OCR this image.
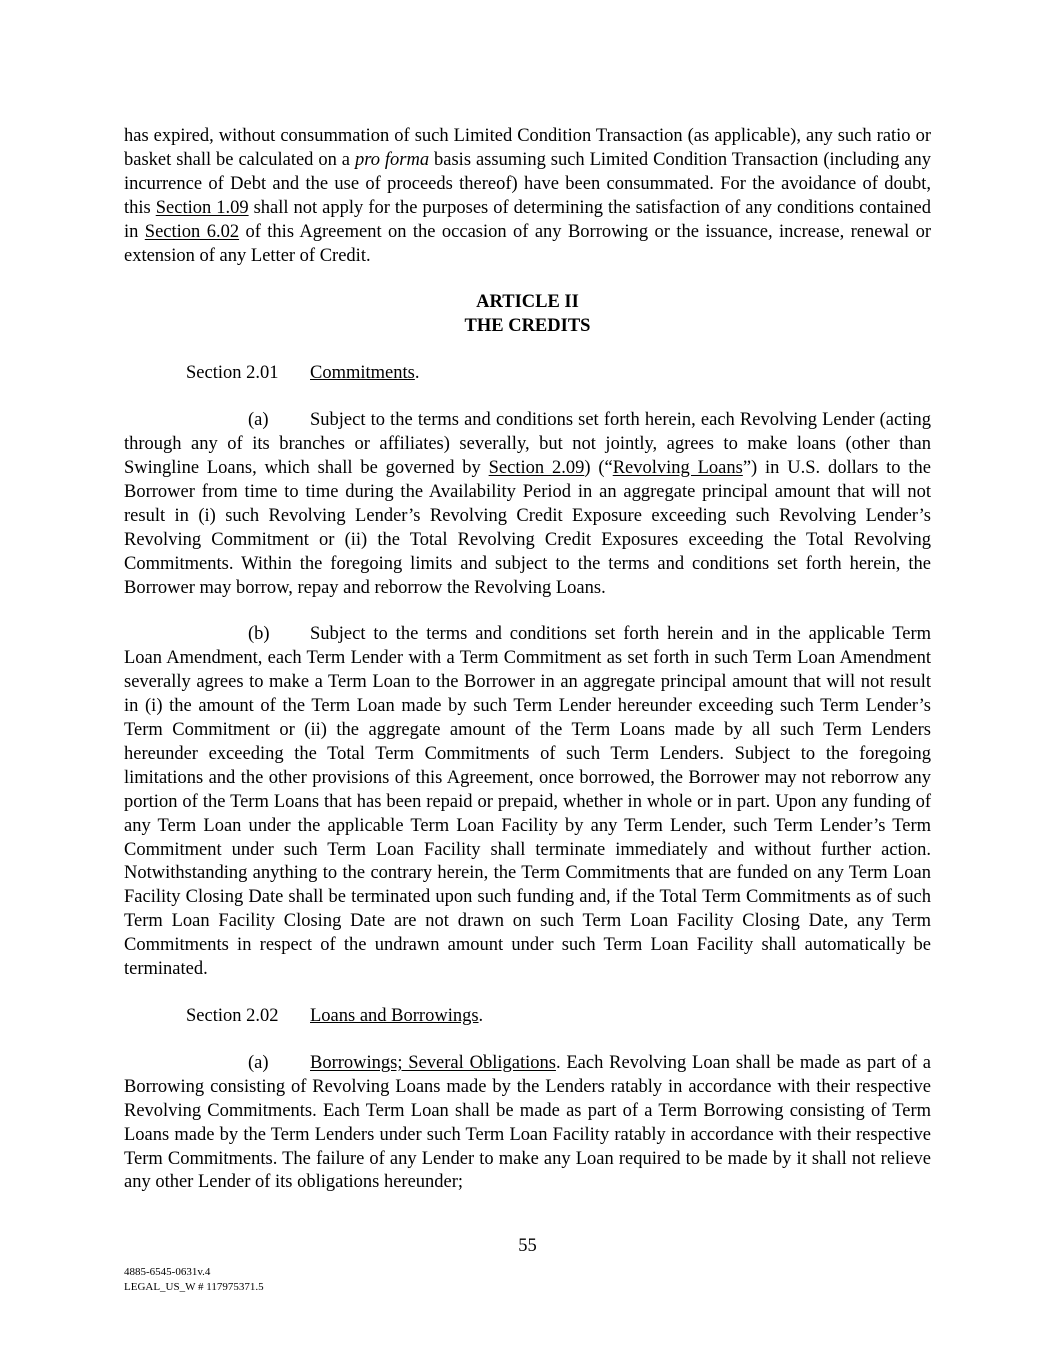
has expired, without consummation of such Limited Condition Transaction (as applicable), any such ratio or basket shall be calculated on a pro forma basis assuming such Limited Condition Transaction (including any incurrence of Debt and the use of proceeds thereof) have been consummated. For the avoidance of doubt, this Section 1.09 shall not apply for the purposes of determining the satisfaction of any conditions contained in Section 6.02 of this Agreement on the occasion of any Borrowing or the issuance, increase, renewal or extension of any Letter of Credit.

ARTICLE II
THE CREDITS
Section 2.01 Commitments.

(a) Subject to the terms and conditions set forth herein, each Revolving Lender (acting through any of its branches or affiliates) severally, but not jointly, agrees to make loans (other than Swingline Loans, which shall be governed by Section 2.09) (“Revolving Loans”) in U.S. dollars to the Borrower from time to time during the Availability Period in an aggregate principal amount that will not result in (i) such Revolving Lender’s Revolving Credit Exposure exceeding such Revolving Lender’s Revolving Commitment or (ii) the Total Revolving Credit Exposures exceeding the Total Revolving Commitments. Within the foregoing limits and subject to the terms and conditions set forth herein, the Borrower may borrow, repay and reborrow the Revolving Loans.

(b) Subject to the terms and conditions set forth herein and in the applicable Term Loan Amendment, each Term Lender with a Term Commitment as set forth in such Term Loan Amendment severally agrees to make a Term Loan to the Borrower in an aggregate principal amount that will not result in (i) the amount of the Term Loan made by such Term Lender hereunder exceeding such Term Lender’s Term Commitment or (ii) the aggregate amount of the Term Loans made by all such Term Lenders hereunder exceeding the Total Term Commitments of such Term Lenders. Subject to the foregoing limitations and the other provisions of this Agreement, once borrowed, the Borrower may not reborrow any portion of the Term Loans that has been repaid or prepaid, whether in whole or in part. Upon any funding of any Term Loan under the applicable Term Loan Facility by any Term Lender, such Term Lender’s Term Commitment under such Term Loan Facility shall terminate immediately and without further action. Notwithstanding anything to the contrary herein, the Term Commitments that are funded on any Term Loan Facility Closing Date shall be terminated upon such funding and, if the Total Term Commitments as of such Term Loan Facility Closing Date are not drawn on such Term Loan Facility Closing Date, any Term Commitments in respect of the undrawn amount under such Term Loan Facility shall automatically be terminated.

Section 2.02 Loans and Borrowings.

(a) Borrowings; Several Obligations. Each Revolving Loan shall be made as part of a Borrowing consisting of Revolving Loans made by the Lenders ratably in accordance with their respective Revolving Commitments. Each Term Loan shall be made as part of a Term Borrowing consisting of Term Loans made by the Term Lenders under such Term Loan Facility ratably in accordance with their respective Term Commitments. The failure of any Lender to make any Loan required to be made by it shall not relieve any other Lender of its obligations hereunder;

55
4885-6545-0631v.4
LEGAL_US_W # 117975371.5
